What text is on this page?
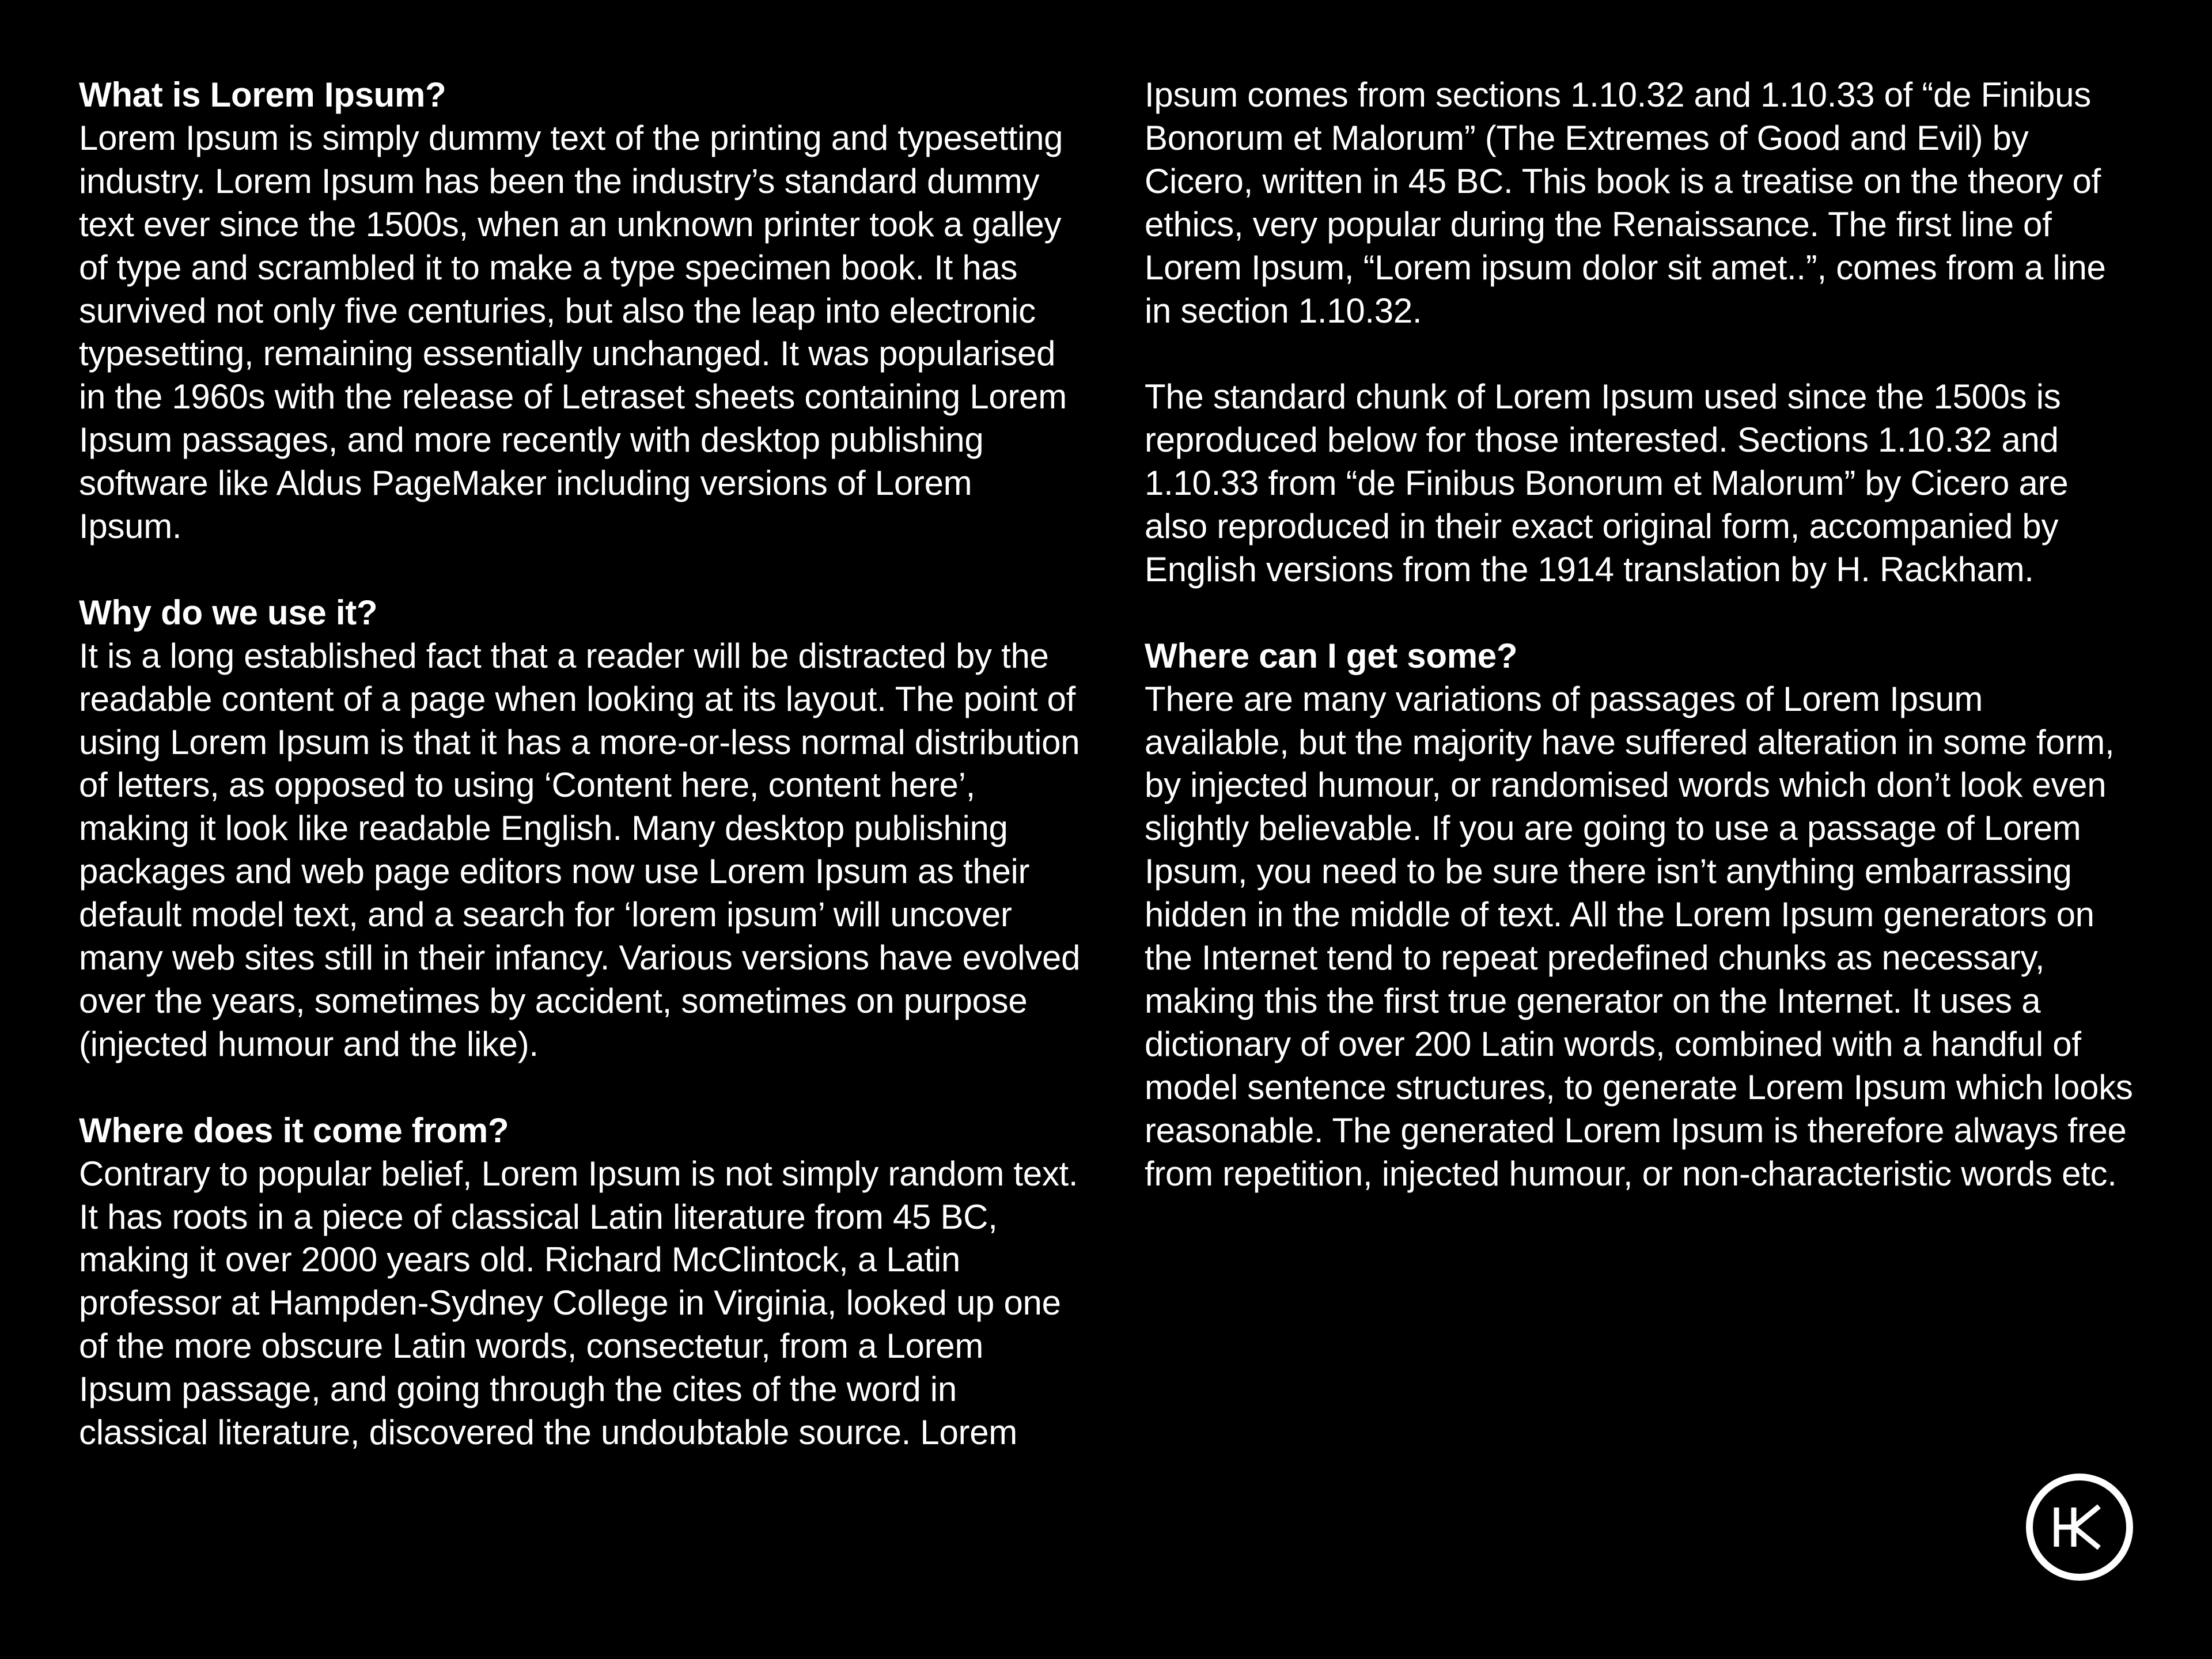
What is Lorem Ipsum?
Lorem Ipsum is simply dummy text of the printing and typesetting industry. Lorem Ipsum has been the industry’s standard dummy text ever since the 1500s, when an unknown printer took a galley of type and scrambled it to make a type specimen book. It has survived not only five centuries, but also the leap into electronic typesetting, remaining essentially unchanged. It was popularised in the 1960s with the release of Letraset sheets containing Lorem Ipsum passages, and more recently with desktop publishing software like Aldus PageMaker including versions of Lorem Ipsum.
Why do we use it?
It is a long established fact that a reader will be distracted by the readable content of a page when looking at its layout. The point of using Lorem Ipsum is that it has a more-or-less normal distribution of letters, as opposed to using ‘Content here, content here’, making it look like readable English. Many desktop publishing packages and web page editors now use Lorem Ipsum as their default model text, and a search for ‘lorem ipsum’ will uncover many web sites still in their infancy. Various versions have evolved over the years, sometimes by accident, sometimes on purpose (injected humour and the like).
Where does it come from?
Contrary to popular belief, Lorem Ipsum is not simply random text. It has roots in a piece of classical Latin literature from 45 BC, making it over 2000 years old. Richard McClintock, a Latin professor at Hampden-Sydney College in Virginia, looked up one of the more obscure Latin words, consectetur, from a Lorem Ipsum passage, and going through the cites of the word in classical literature, discovered the undoubtable source. Lorem
Ipsum comes from sections 1.10.32 and 1.10.33 of “de Finibus Bonorum et Malorum” (The Extremes of Good and Evil) by Cicero, written in 45 BC. This book is a treatise on the theory of ethics, very popular during the Renaissance. The first line of Lorem Ipsum, “Lorem ipsum dolor sit amet..”, comes from a line in section 1.10.32.
The standard chunk of Lorem Ipsum used since the 1500s is reproduced below for those interested. Sections 1.10.32 and 1.10.33 from “de Finibus Bonorum et Malorum” by Cicero are also reproduced in their exact original form, accompanied by English versions from the 1914 translation by H. Rackham.
Where can I get some?
There are many variations of passages of Lorem Ipsum available, but the majority have suffered alteration in some form, by injected humour, or randomised words which don’t look even slightly believable. If you are going to use a passage of Lorem Ipsum, you need to be sure there isn’t anything embarrassing hidden in the middle of text. All the Lorem Ipsum generators on the Internet tend to repeat predefined chunks as necessary, making this the first true generator on the Internet. It uses a dictionary of over 200 Latin words, combined with a handful of model sentence structures, to generate Lorem Ipsum which looks reasonable. The generated Lorem Ipsum is therefore always free from repetition, injected humour, or non-characteristic words etc.
